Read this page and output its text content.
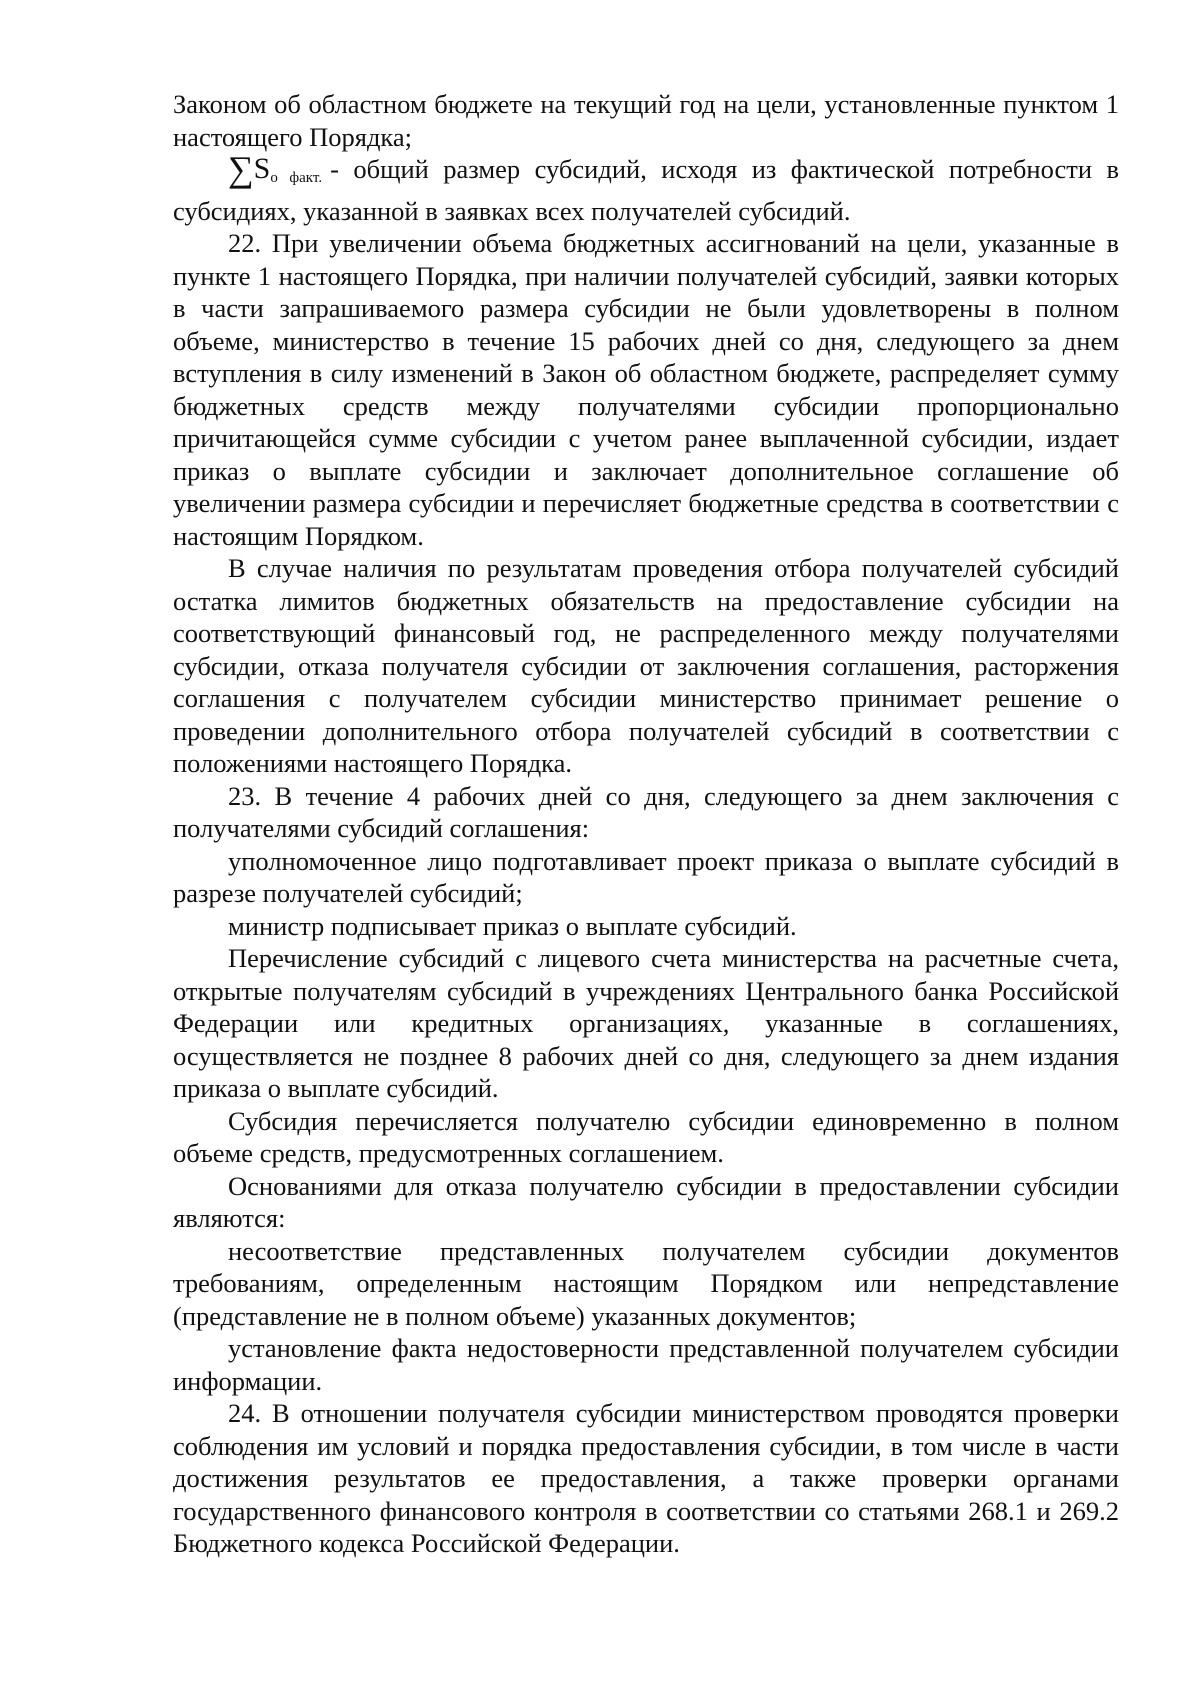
Законом об областном бюджете на текущий год на цели, установленные пунктом 1 настоящего Порядка;

∑Sо факт. - общий размер субсидий, исходя из фактической потребности в субсидиях, указанной в заявках всех получателей субсидий.

22. При увеличении объема бюджетных ассигнований на цели, указанные в пункте 1 настоящего Порядка, при наличии получателей субсидий, заявки которых в части запрашиваемого размера субсидии не были удовлетворены в полном объеме, министерство в течение 15 рабочих дней со дня, следующего за днем вступления в силу изменений в Закон об областном бюджете, распределяет сумму бюджетных средств между получателями субсидии пропорционально причитающейся сумме субсидии с учетом ранее выплаченной субсидии, издает приказ о выплате субсидии и заключает дополнительное соглашение об увеличении размера субсидии и перечисляет бюджетные средства в соответствии с настоящим Порядком.

В случае наличия по результатам проведения отбора получателей субсидий остатка лимитов бюджетных обязательств на предоставление субсидии на соответствующий финансовый год, не распределенного между получателями субсидии, отказа получателя субсидии от заключения соглашения, расторжения соглашения с получателем субсидии министерство принимает решение о проведении дополнительного отбора получателей субсидий в соответствии с положениями настоящего Порядка.

23. В течение 4 рабочих дней со дня, следующего за днем заключения с получателями субсидий соглашения:

уполномоченное лицо подготавливает проект приказа о выплате субсидий в разрезе получателей субсидий;

министр подписывает приказ о выплате субсидий.

Перечисление субсидий с лицевого счета министерства на расчетные счета, открытые получателям субсидий в учреждениях Центрального банка Российской Федерации или кредитных организациях, указанные в соглашениях, осуществляется не позднее 8 рабочих дней со дня, следующего за днем издания приказа о выплате субсидий.

Субсидия перечисляется получателю субсидии единовременно в полном объеме средств, предусмотренных соглашением.

Основаниями для отказа получателю субсидии в предоставлении субсидии являются:

несоответствие представленных получателем субсидии документов требованиям, определенным настоящим Порядком или непредставление (представление не в полном объеме) указанных документов;

установление факта недостоверности представленной получателем субсидии информации.

24. В отношении получателя субсидии министерством проводятся проверки соблюдения им условий и порядка предоставления субсидии, в том числе в части достижения результатов ее предоставления, а также проверки органами государственного финансового контроля в соответствии со статьями 268.1 и 269.2 Бюджетного кодекса Российской Федерации.
